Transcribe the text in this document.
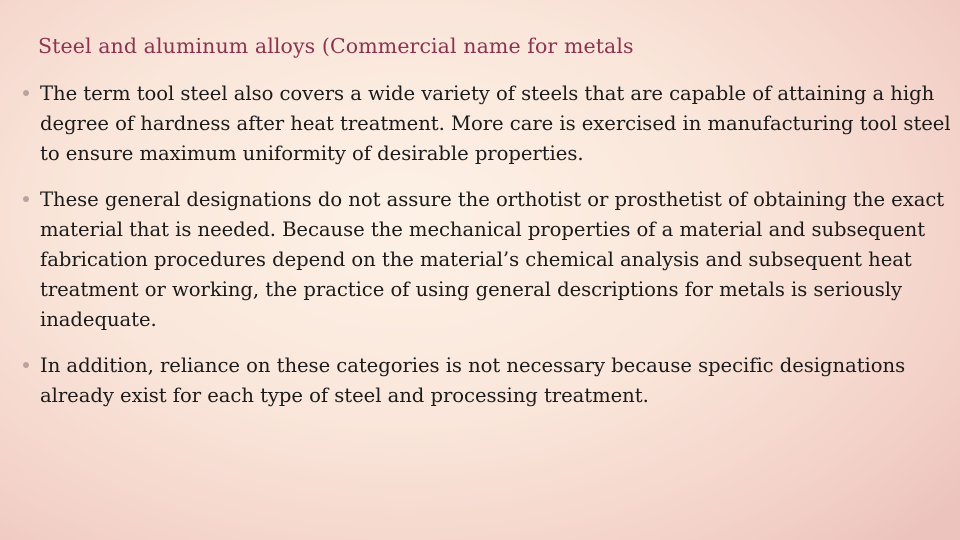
Steel and aluminum alloys (Commercial name for metals
The term tool steel also covers a wide variety of steels that are capable of attaining a high degree of hardness after heat treatment. More care is exercised in manufacturing tool steel to ensure maximum uniformity of desirable properties.
These general designations do not assure the orthotist or prosthetist of obtaining the exact material that is needed. Because the mechanical properties of a material and subsequent fabrication procedures depend on the material’s chemical analysis and subsequent heat treatment or working, the practice of using general descriptions for metals is seriously inadequate.
In addition, reliance on these categories is not necessary because specific designations already exist for each type of steel and processing treatment.
